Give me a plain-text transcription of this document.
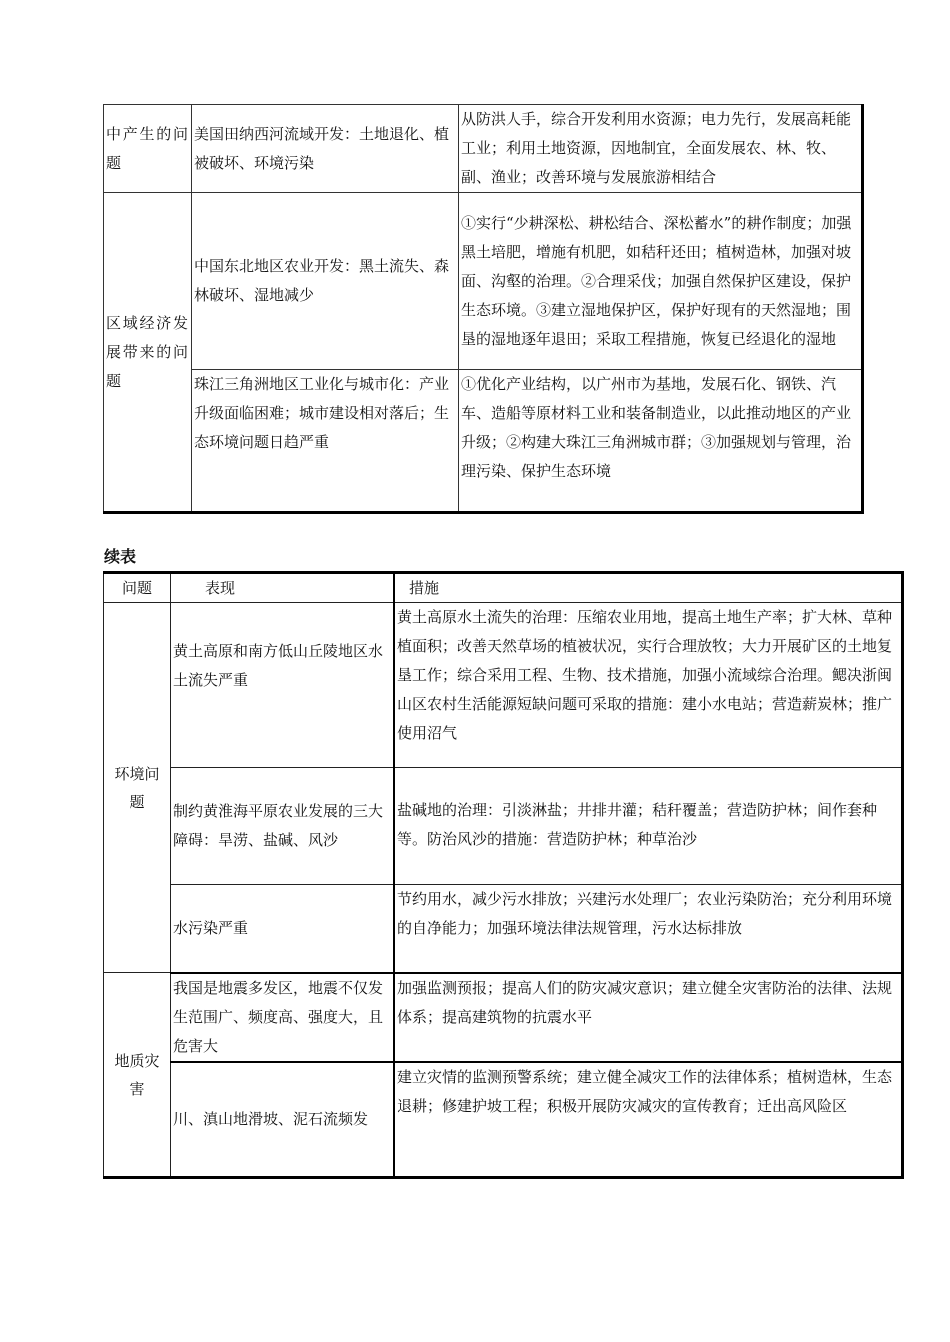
中产生的问题	美国田纳西河流域开发：土地退化、植被破坏、环境污染	从防洪人手，综合开发利用水资源；电力先行，发展高耗能工业；利用土地资源，因地制宜，全面发展农、林、牧、副、渔业；改善环境与发展旅游相结合
区域经济发展带来的问题	中国东北地区农业开发：黑土流失、森林破坏、湿地减少	①实行“少耕深松、耕松结合、深松蓄水”的耕作制度；加强黑土培肥，增施有机肥，如秸秆还田；植树造林，加强对坡面、沟壑的治理。②合理采伐；加强自然保护区建设，保护生态环境。③建立湿地保护区，保护好现有的天然湿地；围垦的湿地逐年退田；采取工程措施，恢复已经退化的湿地
	珠江三角洲地区工业化与城市化：产业升级面临困难；城市建设相对落后；生态环境问题日趋严重	①优化产业结构，以广州市为基地，发展石化、钢铁、汽车、造船等原材料工业和装备制造业，以此推动地区的产业升级；②构建大珠江三角洲城市群；③加强规划与管理，治理污染、保护生态环境
续表
问题	表现	措施
环境问题	黄土高原和南方低山丘陵地区水土流失严重	黄土高原水土流失的治理：压缩农业用地，提高土地生产率；扩大林、草种植面积；改善天然草场的植被状况，实行合理放牧；大力开展矿区的土地复垦工作；综合采用工程、生物、技术措施，加强小流域综合治理。鳃决浙闽山区农村生活能源短缺问题可采取的措施：建小水电站；营造薪炭林；推广使用沼气
	制约黄淮海平原农业发展的三大障碍：旱涝、盐碱、风沙	盐碱地的治理：引淡淋盐；井排井灌；秸秆覆盖；营造防护林；间作套种等。防治风沙的措施：营造防护林；种草治沙
	水污染严重	节约用水，减少污水排放；兴建污水处理厂；农业污染防治；充分利用环境的自净能力；加强环境法律法规管理，污水达标排放
地质灾害	我国是地震多发区，地震不仅发生范围广、频度高、强度大，且危害大	加强监测预报；提高人们的防灾减灾意识；建立健全灾害防治的法律、法规体系；提高建筑物的抗震水平
	川、滇山地滑坡、泥石流频发	建立灾情的监测预警系统；建立健全减灾工作的法律体系；植树造林，生态退耕；修建护坡工程；积极开展防灾减灾的宣传教育；迁出高风险区
